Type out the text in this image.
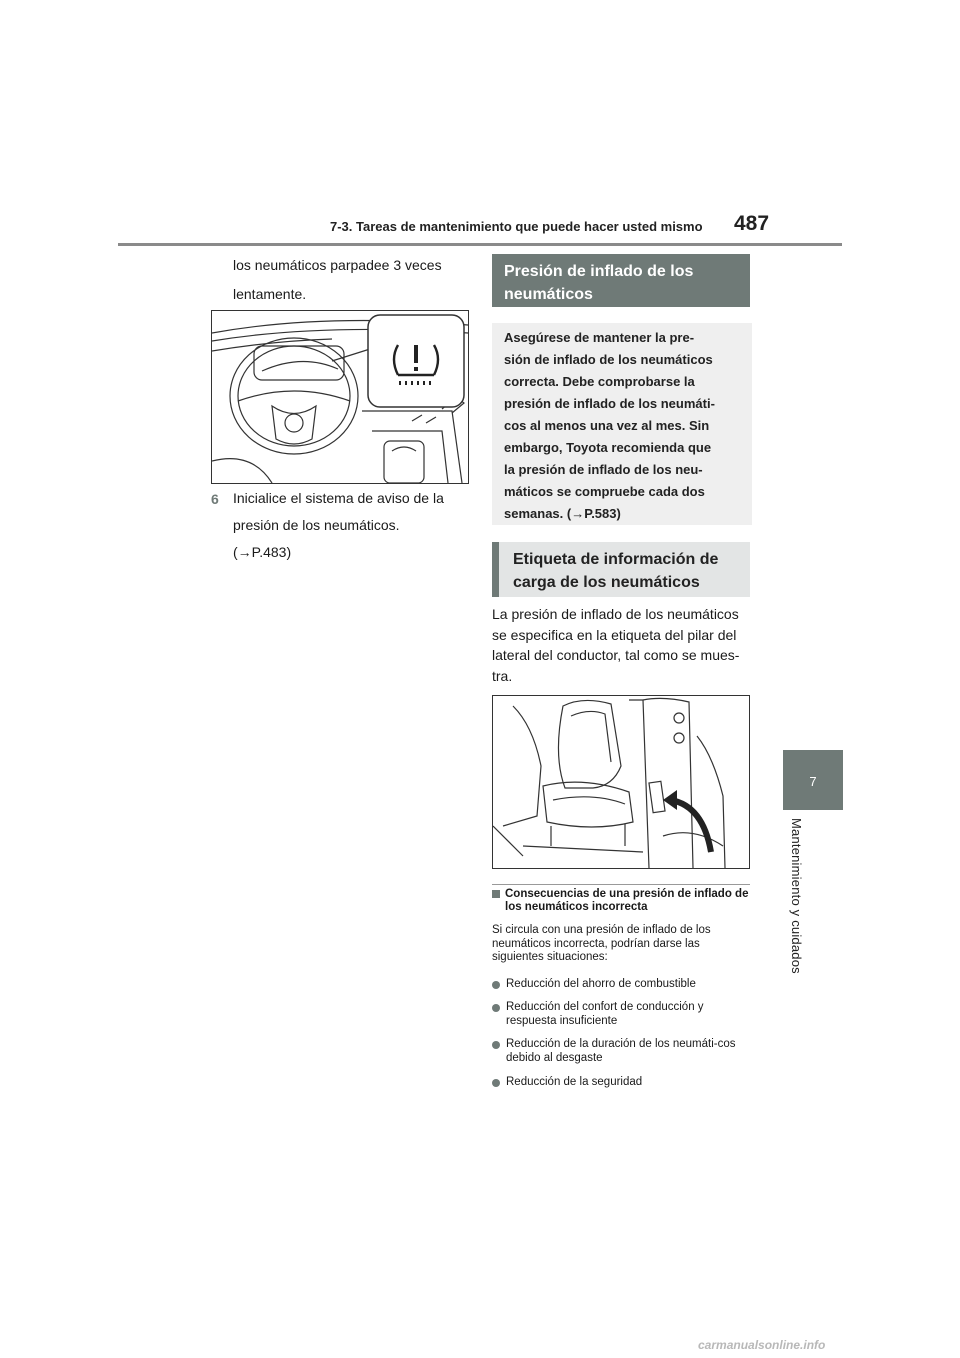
7-3. Tareas de mantenimiento que puede hacer usted mismo 487
7
Mantenimiento y cuidados

los neumáticos parpadee 3 veces

lentamente.

6 Inicialice el sistema de aviso de la

presión de los neumáticos.

(→P.483)

Presión de inflado de los neumáticos
Asegúrese de mantener la pre-
sión de inflado de los neumáticos
correcta. Debe comprobarse la
presión de inflado de los neumáti-
cos al menos una vez al mes. Sin
embargo, Toyota recomienda que
la presión de inflado de los neu-
máticos se compruebe cada dos
semanas. (→P.583)
Etiqueta de información de carga de los neumáticos

La presión de inflado de los neumáticos se especifica en la etiqueta del pilar del lateral del conductor, tal como se mues-tra.

Consecuencias de una presión de inflado de los neumáticos incorrecta

Si circula con una presión de inflado de los neumáticos incorrecta, podrían darse las siguientes situaciones:

Reducción del ahorro de combustible
Reducción del confort de conducción y respuesta insuficiente
Reducción de la duración de los neumáti-cos debido al desgaste
Reducción de la seguridad
carmanualsonline.info
